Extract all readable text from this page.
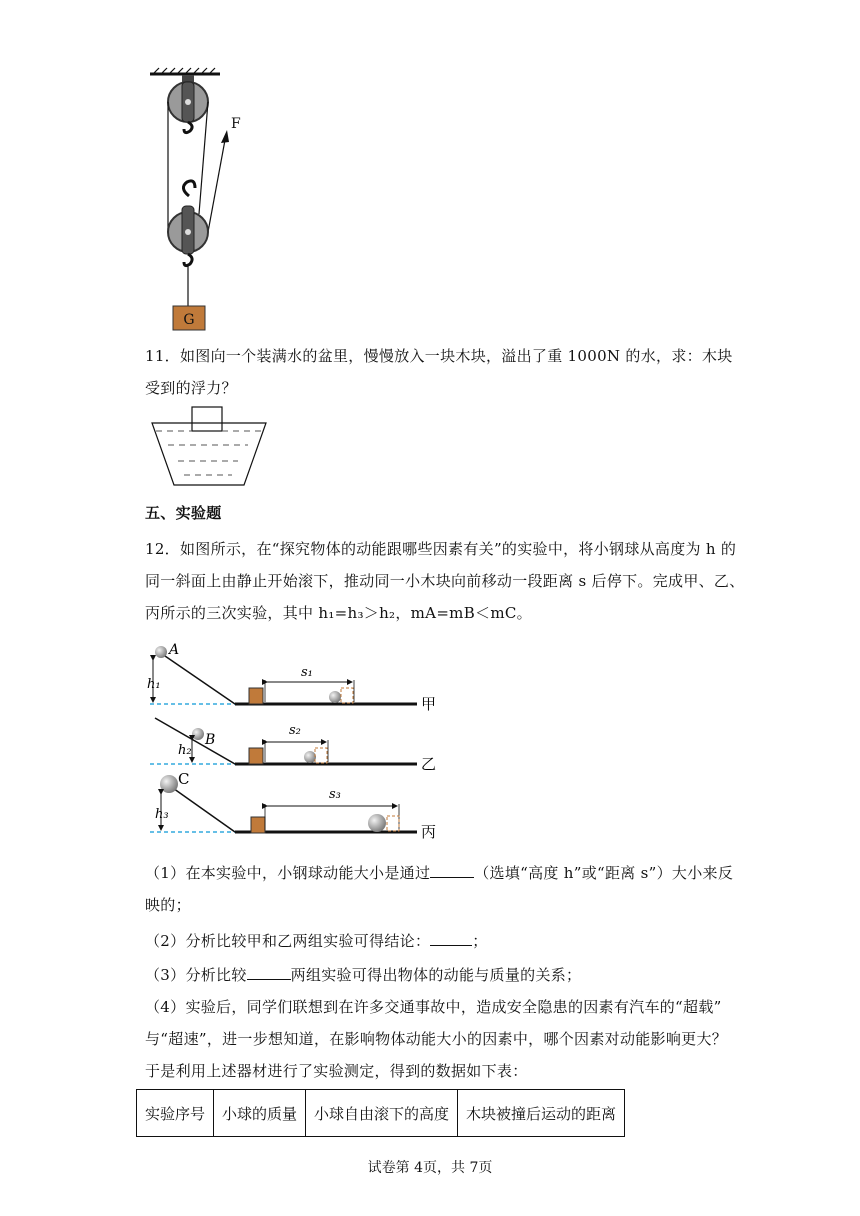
G
F
11．如图向一个装满水的盆里，慢慢放入一块木块，溢出了重 1000N 的水，求：木块
受到的浮力？
五、实验题
12．如图所示，在“探究物体的动能跟哪些因素有关”的实验中，将小钢球从高度为 h 的
同一斜面上由静止开始滚下，推动同一小木块向前移动一段距离 s 后停下。完成甲、乙、
丙所示的三次实验，其中 h₁=h₃＞h₂，mA=mB＜mC。
A
h₁
s₁
甲
B
h₂
s₂
乙
C
h₃
s₃
丙
（1）在本实验中，小钢球动能大小是通过	（选填“高度 h”或“距离 s”）大小来反
映的；
（2）分析比较甲和乙两组实验可得结论：	；
（3）分析比较	两组实验可得出物体的动能与质量的关系；
（4）实验后，同学们联想到在许多交通事故中，造成安全隐患的因素有汽车的“超载”
与“超速”，进一步想知道，在影响物体动能大小的因素中，哪个因素对动能影响更大？
于是利用上述器材进行了实验测定，得到的数据如下表：
实验序号	小球的质量	小球自由滚下的高度	木块被撞后运动的距离
试卷第 4页，共 7页
